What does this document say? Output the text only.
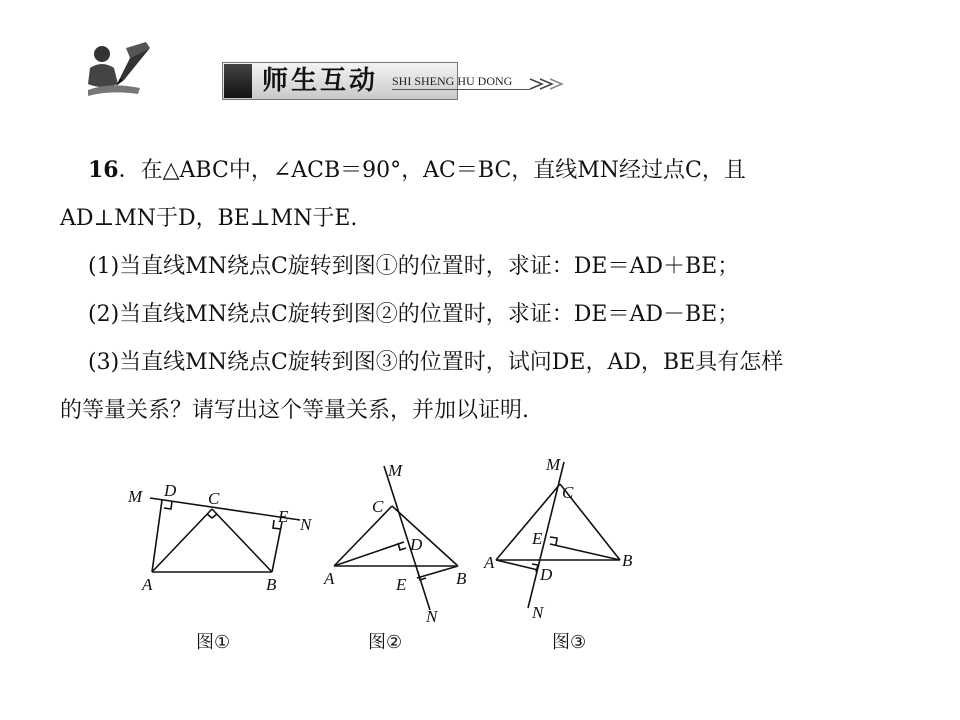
师生互动	SHI SHENG HU DONG
16．在△ABC中，∠ACB＝90°，AC＝BC，直线MN经过点C，且
AD⊥MN于D，BE⊥MN于E.
(1)当直线MN绕点C旋转到图①的位置时，求证：DE＝AD＋BE；
(2)当直线MN绕点C旋转到图②的位置时，求证：DE＝AD－BE；
(3)当直线MN绕点C旋转到图③的位置时，试问DE，AD，BE具有怎样
的等量关系？请写出这个等量关系，并加以证明.
M D C
E N
A	B
M
C
D
A	E	B
N
M
C
E
A
D
B
N
图①	图②	图③
